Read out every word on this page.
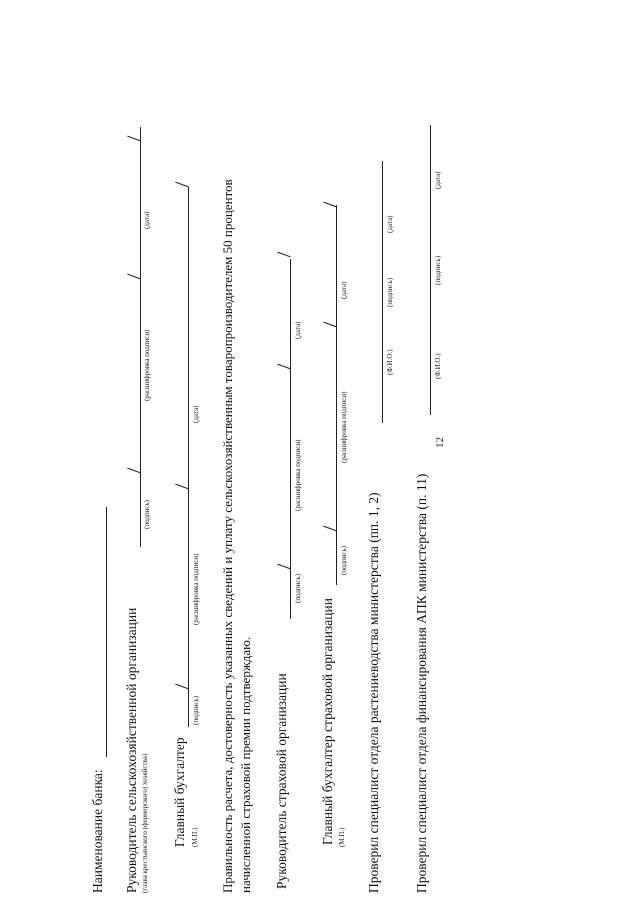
12
Наименование банка: Руководитель сельскохозяйственной организации (глава крестьянского (фермерского) хозяйства)
(подпись)
(расшифровка подписи)
(дата)
Главный бухгалтер (М.П.)
(подпись)
(расшифровка подписи)
(дата) Правильность расчета, достоверность указанных сведений и уплату сельскохозяйственным товаропроизводителем 50 процентов начисленной страховой премии подтверждаю. Руководитель страховой организации
(подпись)
(расшифровка подписи)
(дата)
Главный бухгалтер страховой организации (М.П.)
(подпись)
(расшифровка подписи)
(дата)
Проверил специалист отдела растениеводства министерства (пп. 1, 2)
(Ф.И.О.)
(подпись)
(дата)
Проверил специалист отдела финансирования АПК министерства (п. 11)
(Ф.И.О.)
(подпись)
(дата)
